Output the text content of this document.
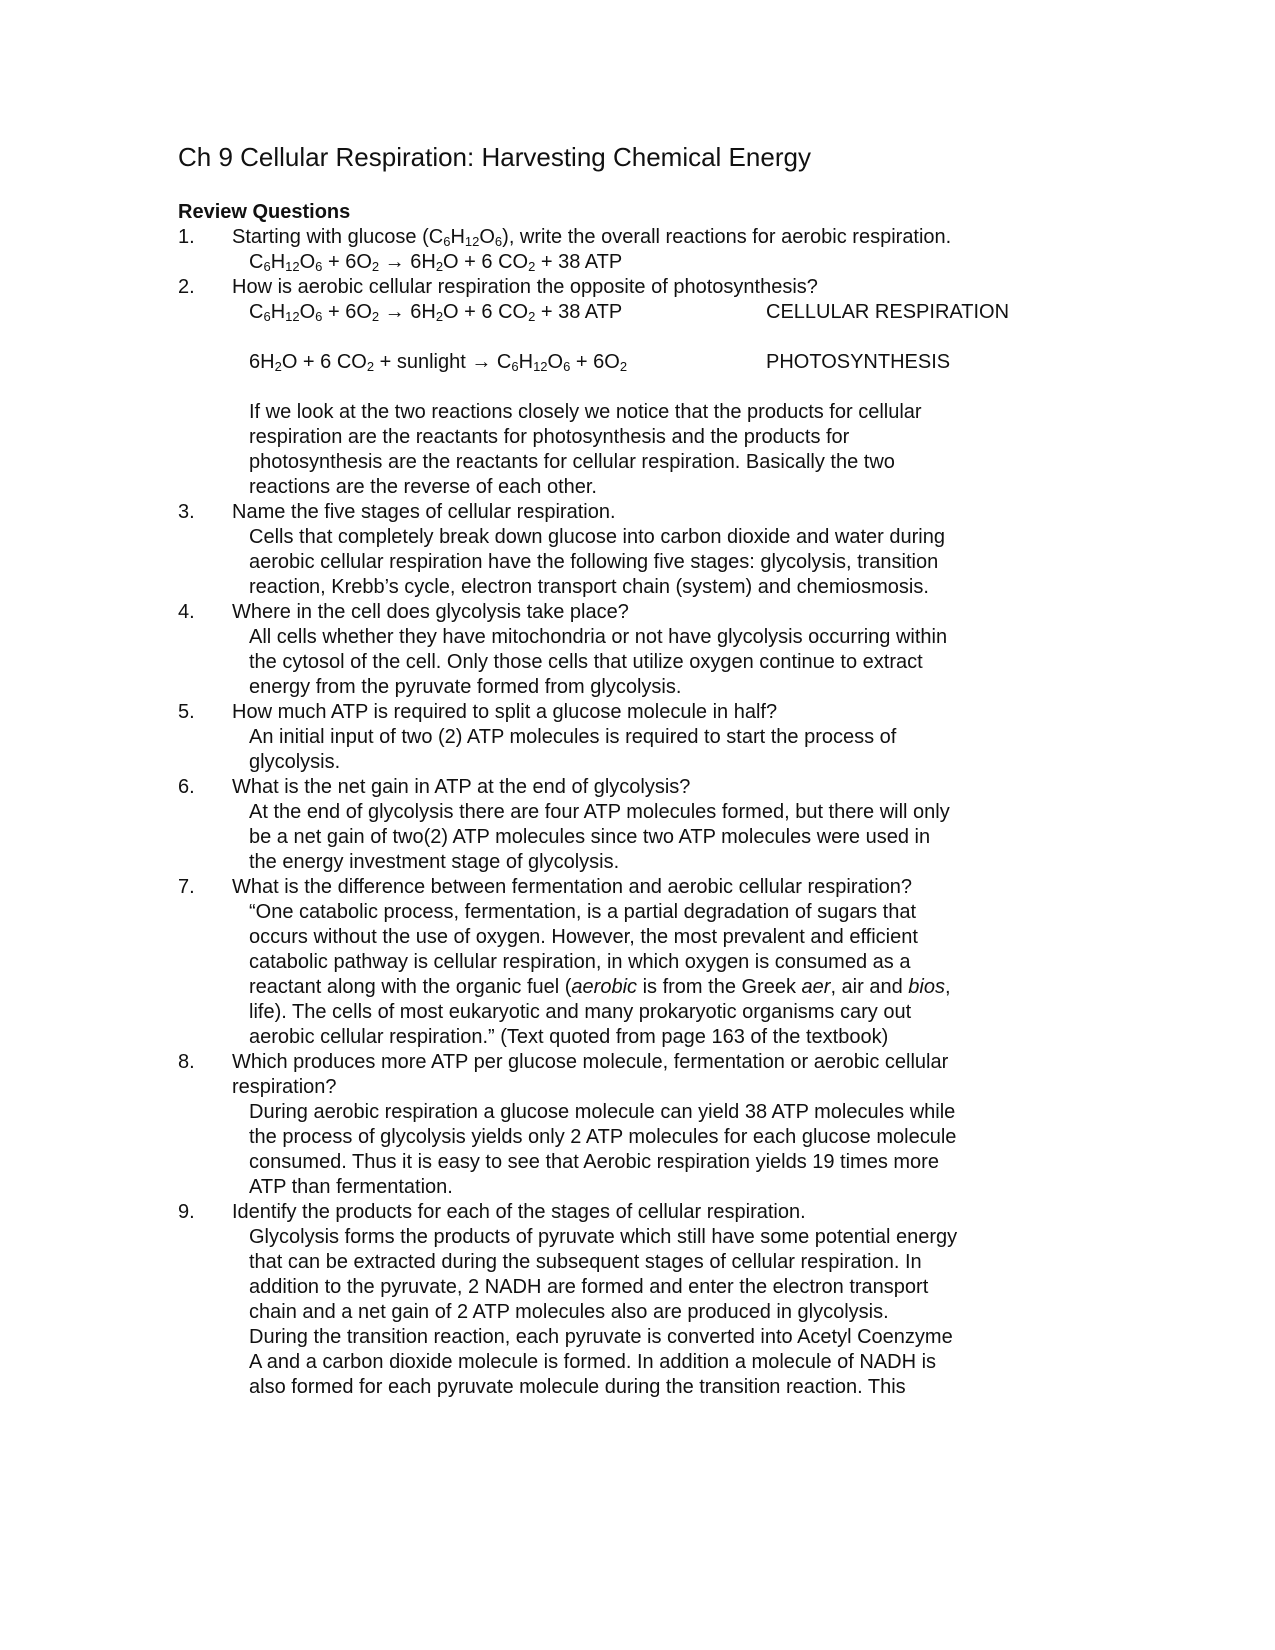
Ch 9 Cellular Respiration: Harvesting Chemical Energy
Review Questions
1.	Starting with glucose $(C_6H_{12}O_6)$, write the overall reactions for aerobic respiration.
$C_6H_{12}O_6 + 6O_2 \to 6H_2O + 6$ $CO_2 + 38$ ATP
2.	How is aerobic cellular respiration the opposite of photosynthesis?
$C_6H_{12}O_6 + 6O_2 \to 6H_2O + 6$ $CO_2 + 38$ ATP	CELLULAR RESPIRATION
$6H_2O + 6$ $CO_2$ + sunlight → $C_6H_{12}O_6 + 6O_2$	PHOTOSYNTHESIS
If we look at the two reactions closely we notice that the products for cellular
respiration are the reactants for photosynthesis and the products for
photosynthesis are the reactants for cellular respiration. Basically the two
reactions are the reverse of each other.
3.	Name the five stages of cellular respiration.
Cells that completely break down glucose into carbon dioxide and water during
aerobic cellular respiration have the following five stages: glycolysis, transition
reaction, Krebb’s cycle, electron transport chain (system) and chemiosmosis.
4.	Where in the cell does glycolysis take place?
All cells whether they have mitochondria or not have glycolysis occurring within
the cytosol of the cell. Only those cells that utilize oxygen continue to extract
energy from the pyruvate formed from glycolysis.
5.	How much ATP is required to split a glucose molecule in half?
An initial input of two (2) ATP molecules is required to start the process of
glycolysis.
6.	What is the net gain in ATP at the end of glycolysis?
At the end of glycolysis there are four ATP molecules formed, but there will only
be a net gain of two(2) ATP molecules since two ATP molecules were used in
the energy investment stage of glycolysis.
7.	What is the difference between fermentation and aerobic cellular respiration?
“One catabolic process, fermentation, is a partial degradation of sugars that
occurs without the use of oxygen. However, the most prevalent and efficient
catabolic pathway is cellular respiration, in which oxygen is consumed as a
reactant along with the organic fuel (aerobic is from the Greek aer, air and bios,
life). The cells of most eukaryotic and many prokaryotic organisms cary out
aerobic cellular respiration.” (Text quoted from page 163 of the textbook)
8.	Which produces more ATP per glucose molecule, fermentation or aerobic cellular
respiration?
During aerobic respiration a glucose molecule can yield 38 ATP molecules while
the process of glycolysis yields only 2 ATP molecules for each glucose molecule
consumed. Thus it is easy to see that Aerobic respiration yields 19 times more
ATP than fermentation.
9.	Identify the products for each of the stages of cellular respiration.
Glycolysis forms the products of pyruvate which still have some potential energy
that can be extracted during the subsequent stages of cellular respiration. In
addition to the pyruvate, 2 NADH are formed and enter the electron transport
chain and a net gain of 2 ATP molecules also are produced in glycolysis.
During the transition reaction, each pyruvate is converted into Acetyl Coenzyme
A and a carbon dioxide molecule is formed. In addition a molecule of NADH is
also formed for each pyruvate molecule during the transition reaction. This
